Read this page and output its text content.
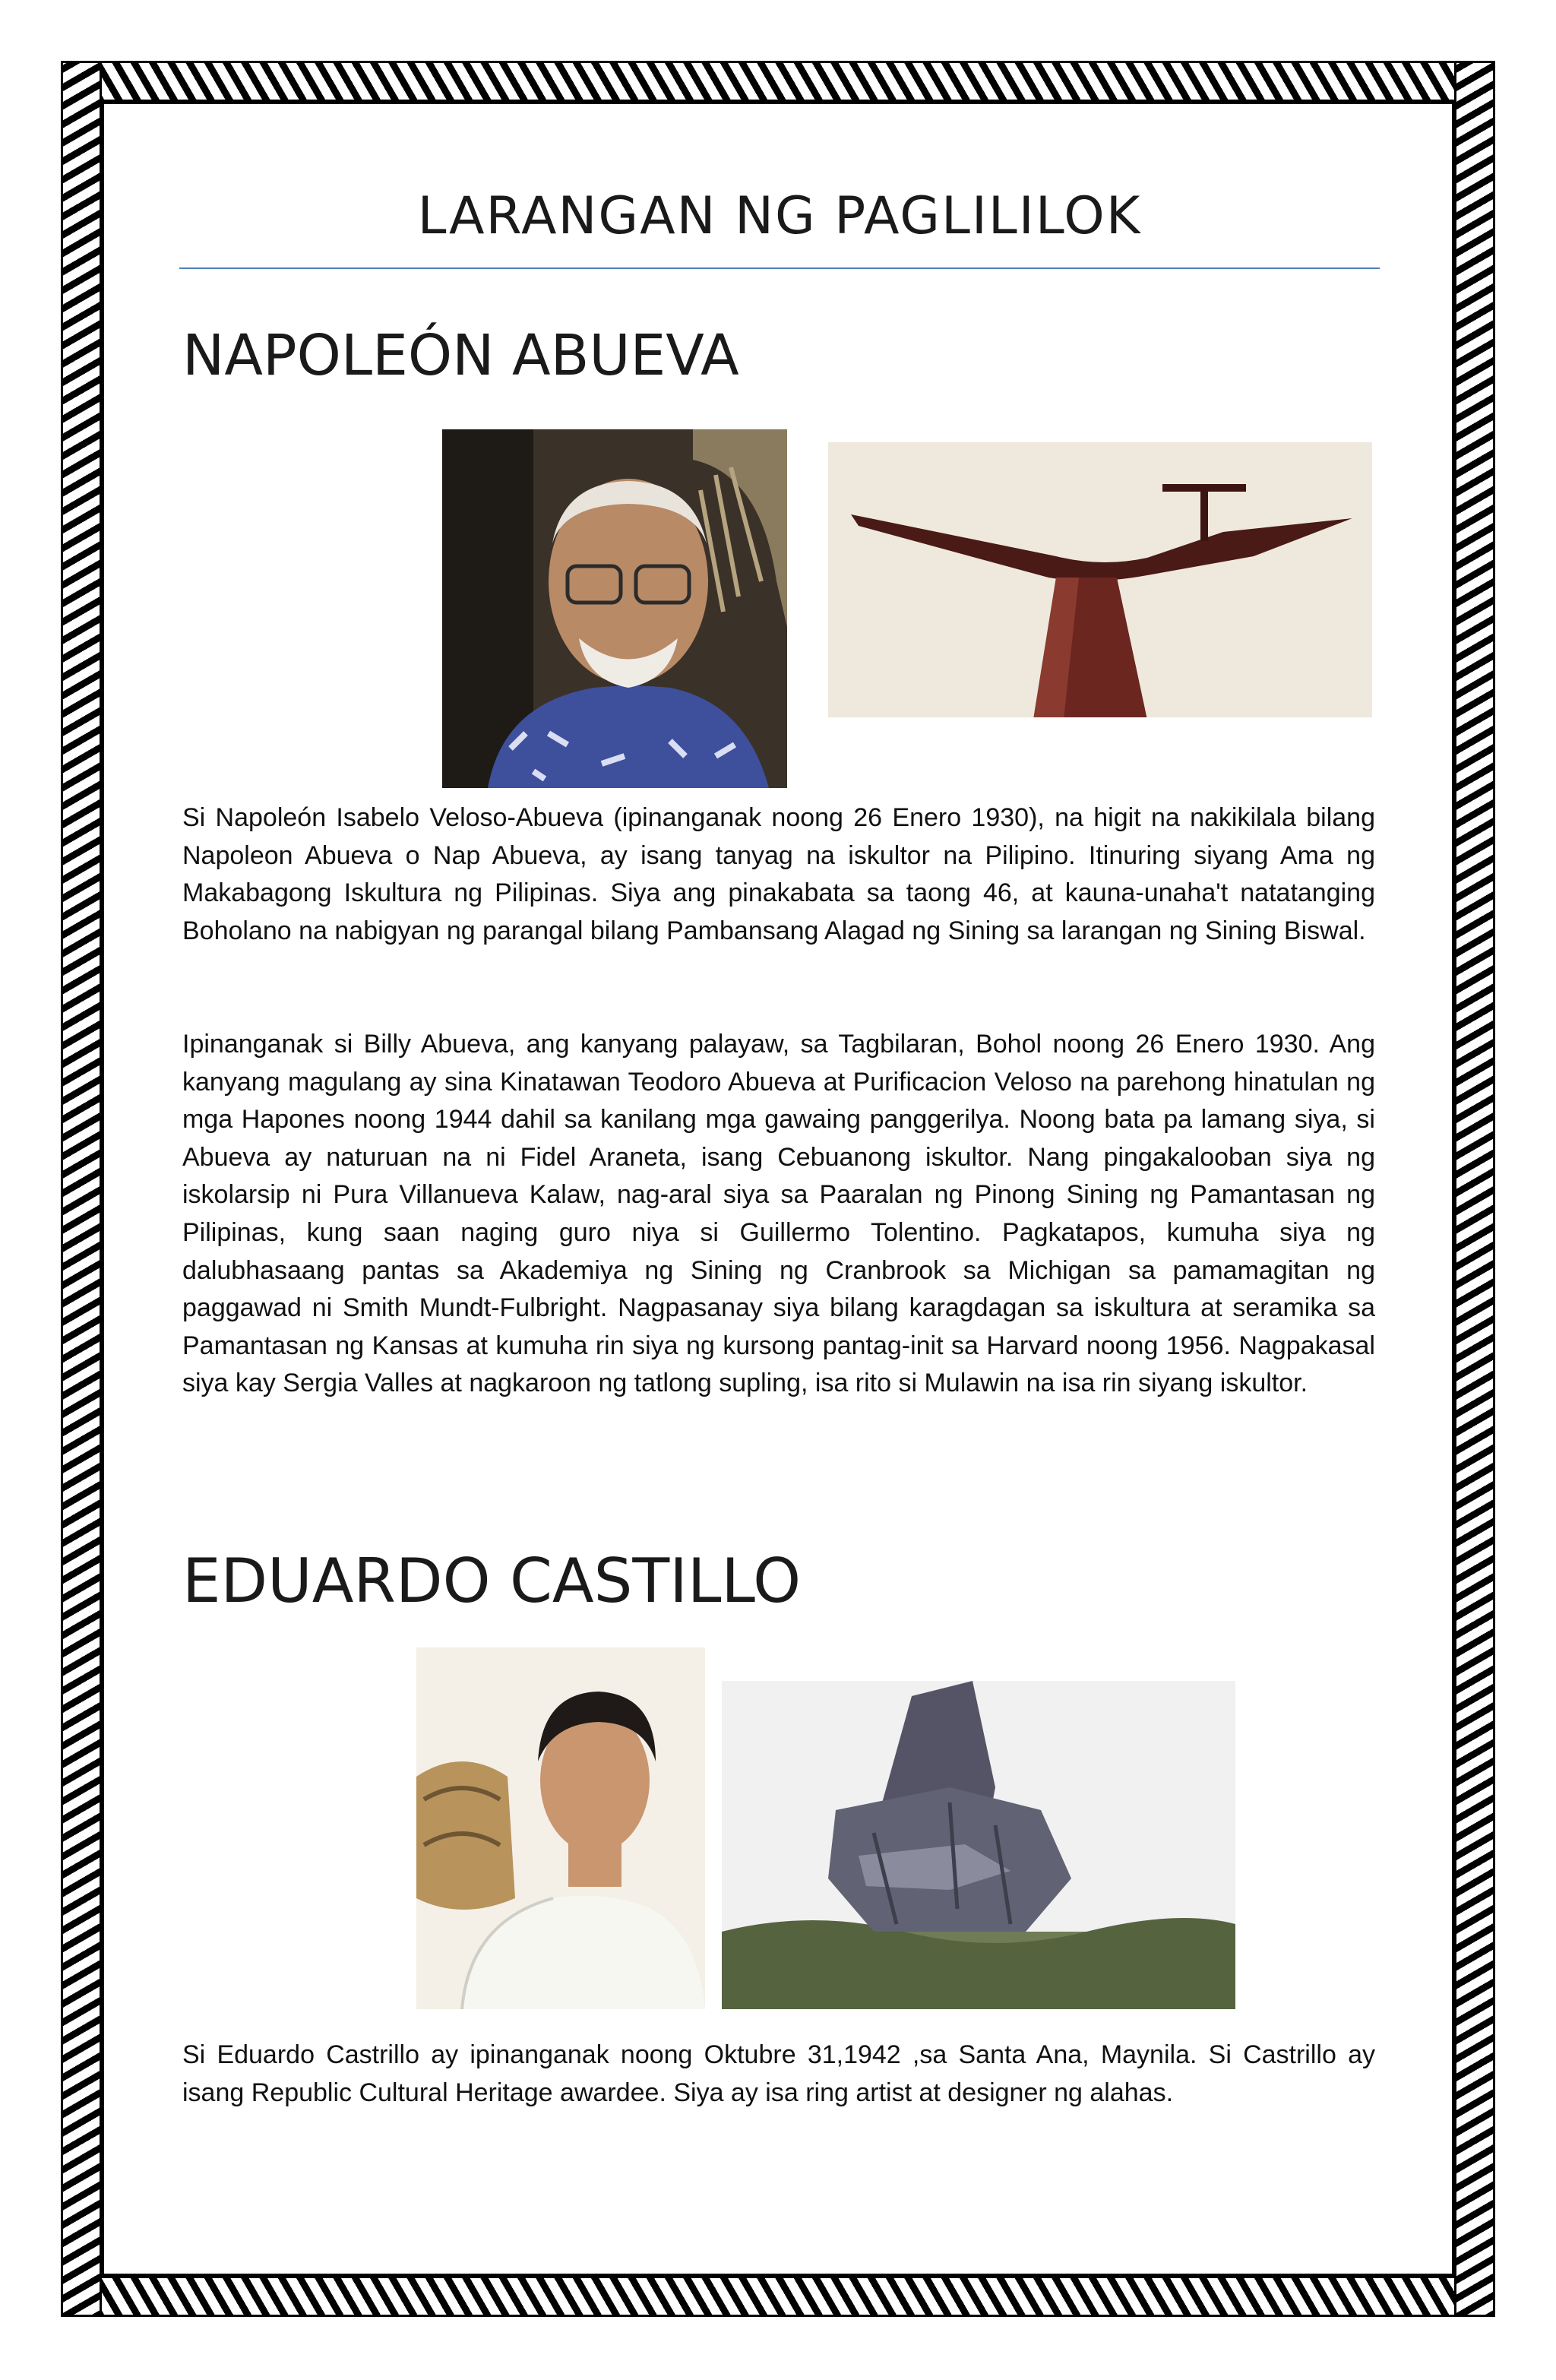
LARANGAN NG PAGLILILOK
NAPOLEÓN ABUEVA

Si Napoleón Isabelo Veloso-Abueva (ipinanganak noong 26 Enero 1930), na higit na nakikilala bilang Napoleon Abueva o Nap Abueva, ay isang tanyag na iskultor na Pilipino. Itinuring siyang Ama ng Makabagong Iskultura ng Pilipinas. Siya ang pinakabata sa taong 46, at kauna-unaha't natatanging Boholano na nabigyan ng parangal bilang Pambansang Alagad ng Sining sa larangan ng Sining Biswal.

Ipinanganak si Billy Abueva, ang kanyang palayaw, sa Tagbilaran, Bohol noong 26 Enero 1930. Ang kanyang magulang ay sina Kinatawan Teodoro Abueva at Purificacion Veloso na parehong hinatulan ng mga Hapones noong 1944 dahil sa kanilang mga gawaing panggerilya. Noong bata pa lamang siya, si Abueva ay naturuan na ni Fidel Araneta, isang Cebuanong iskultor. Nang pingakalooban siya ng iskolarsip ni Pura Villanueva Kalaw, nag-aral siya sa Paaralan ng Pinong Sining ng Pamantasan ng Pilipinas, kung saan naging guro niya si Guillermo Tolentino. Pagkatapos, kumuha siya ng dalubhasaang pantas sa Akademiya ng Sining ng Cranbrook sa Michigan sa pamamagitan ng paggawad ni Smith Mundt-Fulbright. Nagpasanay siya bilang karagdagan sa iskultura at seramika sa Pamantasan ng Kansas at kumuha rin siya ng kursong pantag-init sa Harvard noong 1956. Nagpakasal siya kay Sergia Valles at nagkaroon ng tatlong supling, isa rito si Mulawin na isa rin siyang iskultor.

EDUARDO CASTILLO

Si Eduardo Castrillo ay ipinanganak noong Oktubre 31,1942 ,sa Santa Ana, Maynila. Si Castrillo ay isang Republic Cultural Heritage awardee. Siya ay isa ring artist at designer ng alahas.
